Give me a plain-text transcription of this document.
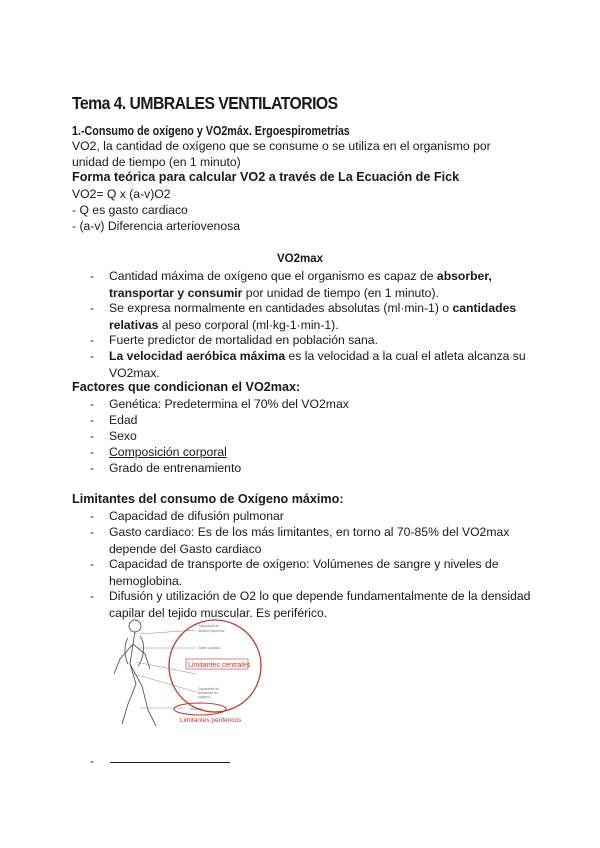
Tema 4. UMBRALES VENTILATORIOS
1.-Consumo de oxígeno y VO2máx. Ergoespirometrías
VO2, la cantidad de oxígeno que se consume o se utiliza en el organismo por
unidad de tiempo (en 1 minuto)
Forma teórica para calcular VO2 a través de La Ecuación de Fick
VO2= Q x (a-v)O2
- Q es gasto cardiaco
- (a-v) Diferencia arteriovenosa
VO2max
- Cantidad máxima de oxígeno que el organismo es capaz de absorber,
transportar y consumir por unidad de tiempo (en 1 minuto).
- Se expresa normalmente en cantidades absolutas (ml·min-1) o cantidades
relativas al peso corporal (ml·kg-1·min-1).
- Fuerte predictor de mortalidad en población sana.
- La velocidad aeróbica máxima es la velocidad a la cual el atleta alcanza su
VO2max.
Factores que condicionan el VO2max:
- Genética: Predetermina el 70% del VO2max
- Edad
- Sexo
- Composición corporal
- Grado de entrenamiento
Limitantes del consumo de Oxígeno máximo:
- Capacidad de difusión pulmonar
- Gasto cardiaco: Es de los más limitantes, en torno al 70-85% del VO2max
depende del Gasto cardiaco
- Capacidad de transporte de oxígeno: Volúmenes de sangre y niveles de
hemoglobina.
- Difusión y utilización de O2 lo que depende fundamentalmente de la densidad
capilar del tejido muscular. Es periférico.
Capacidad de
difusión pulmonar
Gasto cardiaco
Capacidad de
transporte de
oxígeno
Músculo
Limitantes centrales
Limitantes periféricos
-
